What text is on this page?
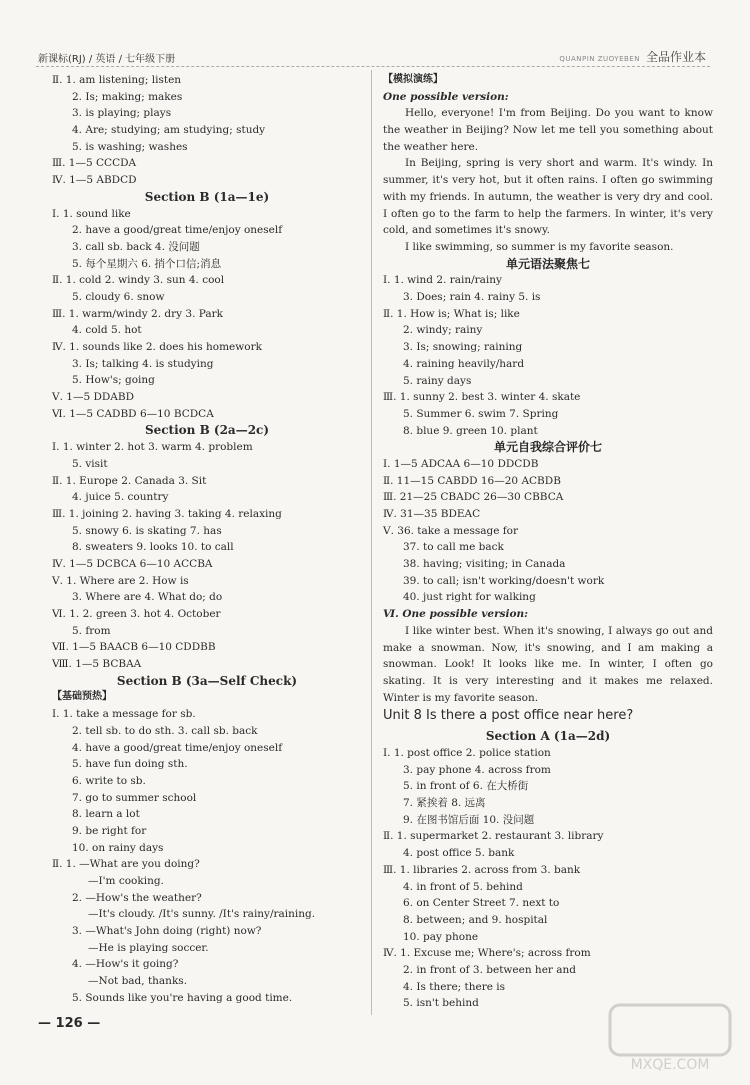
新课标(RJ) / 英语 / 七年级下册	QUANPIN ZUOYEBEN 全品作业本
Ⅱ. 1. am listening; listen
2. Is; making; makes
3. is playing; plays
4. Are; studying; am studying; study
5. is washing; washes
Ⅲ. 1—5 CCCDA
Ⅳ. 1—5 ABDCD
Section B (1a—1e)
Ⅰ. 1. sound like
2. have a good/great time/enjoy oneself
3. call sb. back 4. 没问题
5. 每个星期六 6. 捎个口信;消息
Ⅱ. 1. cold 2. windy 3. sun 4. cool
5. cloudy 6. snow
Ⅲ. 1. warm/windy 2. dry 3. Park
4. cold 5. hot
Ⅳ. 1. sounds like 2. does his homework
3. Is; talking 4. is studying
5. How's; going
Ⅴ. 1—5 DDABD
Ⅵ. 1—5 CADBD 6—10 BCDCA
Section B (2a—2c)
Ⅰ. 1. winter 2. hot 3. warm 4. problem
5. visit
Ⅱ. 1. Europe 2. Canada 3. Sit
4. juice 5. country
Ⅲ. 1. joining 2. having 3. taking 4. relaxing
5. snowy 6. is skating 7. has
8. sweaters 9. looks 10. to call
Ⅳ. 1—5 DCBCA 6—10 ACCBA
Ⅴ. 1. Where are 2. How is
3. Where are 4. What do; do
Ⅵ. 1. 2. green 3. hot 4. October
5. from
Ⅶ. 1—5 BAACB 6—10 CDDBB
Ⅷ. 1—5 BCBAA
Section B (3a—Self Check)
【基础预热】
Ⅰ. 1. take a message for sb.
2. tell sb. to do sth. 3. call sb. back
4. have a good/great time/enjoy oneself
5. have fun doing sth.
6. write to sb.
7. go to summer school
8. learn a lot
9. be right for
10. on rainy days
Ⅱ. 1. —What are you doing?
—I'm cooking.
2. —How's the weather?
—It's cloudy. /It's sunny. /It's rainy/raining.
3. —What's John doing (right) now?
—He is playing soccer.
4. —How's it going?
—Not bad, thanks.
5. Sounds like you're having a good time.
【模拟演练】
One possible version:
Hello, everyone! I'm from Beijing. Do you want to know the weather in Beijing? Now let me tell you something about the weather here.
In Beijing, spring is very short and warm. It's windy. In summer, it's very hot, but it often rains. I often go swimming with my friends. In autumn, the weather is very dry and cool. I often go to the farm to help the farmers. In winter, it's very cold, and sometimes it's snowy.
I like swimming, so summer is my favorite season.
单元语法聚焦七
Ⅰ. 1. wind 2. rain/rainy
3. Does; rain 4. rainy 5. is
Ⅱ. 1. How is; What is; like
2. windy; rainy
3. Is; snowing; raining
4. raining heavily/hard
5. rainy days
Ⅲ. 1. sunny 2. best 3. winter 4. skate
5. Summer 6. swim 7. Spring
8. blue 9. green 10. plant
单元自我综合评价七
Ⅰ. 1—5 ADCAA 6—10 DDCDB
Ⅱ. 11—15 CABDD 16—20 ACBDB
Ⅲ. 21—25 CBADC 26—30 CBBCA
Ⅳ. 31—35 BDEAC
Ⅴ. 36. take a message for
37. to call me back
38. having; visiting; in Canada
39. to call; isn't working/doesn't work
40. just right for walking
Ⅵ. One possible version:
I like winter best. When it's snowing, I always go out and make a snowman. Now, it's snowing, and I am making a snowman. Look! It looks like me. In winter, I often go skating. It is very interesting and it makes me relaxed. Winter is my favorite season.
Unit 8 Is there a post office near here?
Section A (1a—2d)
Ⅰ. 1. post office 2. police station
3. pay phone 4. across from
5. in front of 6. 在大桥街
7. 紧挨着 8. 远离
9. 在图书馆后面 10. 没问题
Ⅱ. 1. supermarket 2. restaurant 3. library
4. post office 5. bank
Ⅲ. 1. libraries 2. across from 3. bank
4. in front of 5. behind
6. on Center Street 7. next to
8. between; and 9. hospital
10. pay phone
Ⅳ. 1. Excuse me; Where's; across from
2. in front of 3. between her and
4. Is there; there is
5. isn't behind
— 126 —
MXQE.COM
